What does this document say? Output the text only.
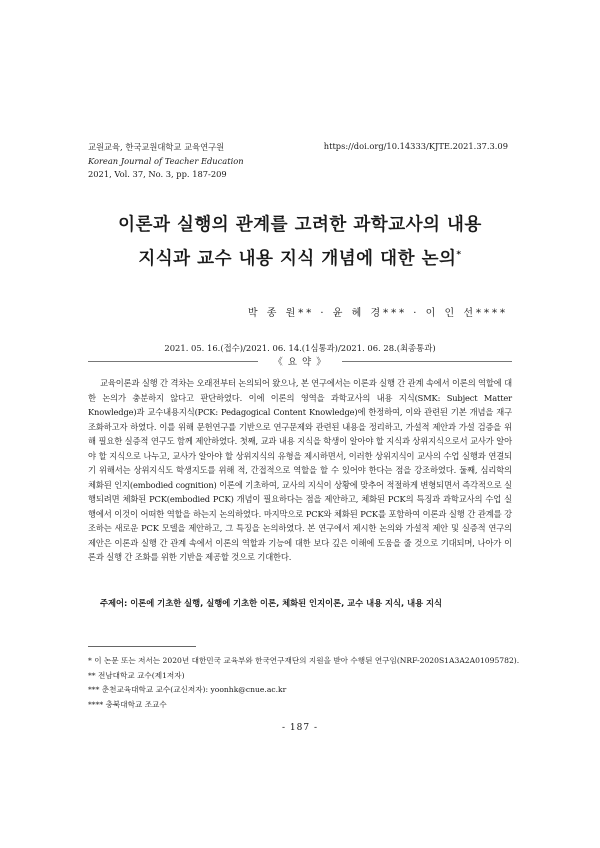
교원교육, 한국교원대학교 교육연구원
Korean Journal of Teacher Education
2021, Vol. 37, No. 3, pp. 187-209
https://doi.org/10.14333/KJTE.2021.37.3.09
이론과 실행의 관계를 고려한 과학교사의 내용
지식과 교수 내용 지식 개념에 대한 논의*
박 종 원** · 윤 혜 경*** · 이 인 선****
2021. 05. 16.(접수)/2021. 06. 14.(1심통과)/2021. 06. 28.(최종통과)
《 요 약 》
교육이론과 실행 간 격차는 오래전부터 논의되어 왔으나, 본 연구에서는 이론과 실행 간 관계 속에서 이론의 역할에 대한 논의가 충분하지 않다고 판단하였다. 이에 이론의 영역을 과학교사의 내용 지식(SMK: Subject Matter Knowledge)과 교수내용지식(PCK: Pedagogical Content Knowledge)에 한정하여, 이와 관련된 기본 개념을 재구조화하고자 하였다. 이를 위해 문헌연구를 기반으로 연구문제와 관련된 내용을 정리하고, 가설적 제안과 가설 검증을 위해 필요한 실증적 연구도 함께 제안하였다. 첫째, 교과 내용 지식을 학생이 알아야 할 지식과 상위지식으로서 교사가 알아야 할 지식으로 나누고, 교사가 알아야 할 상위지식의 유형을 제시하면서, 이러한 상위지식이 교사의 수업 실행과 연결되기 위해서는 상위지식도 학생지도를 위해 적, 간접적으로 역할을 할 수 있어야 한다는 점을 강조하였다. 둘째, 심리학의 체화된 인지(embodied cognition) 이론에 기초하여, 교사의 지식이 상황에 맞추어 적절하게 변형되면서 즉각적으로 실행되려면 체화된 PCK(embodied PCK) 개념이 필요하다는 점을 제안하고, 체화된 PCK의 특징과 과학교사의 수업 실행에서 이것이 어떠한 역할을 하는지 논의하였다. 마지막으로 PCK와 체화된 PCK를 포함하여 이론과 실행 간 관계를 강조하는 새로운 PCK 모델을 제안하고, 그 특징을 논의하였다. 본 연구에서 제시한 논의와 가설적 제안 및 실증적 연구의 제안은 이론과 실행 간 관계 속에서 이론의 역할과 기능에 대한 보다 깊은 이해에 도움을 줄 것으로 기대되며, 나아가 이론과 실행 간 조화를 위한 기반을 제공할 것으로 기대한다.
주제어: 이론에 기초한 실행, 실행에 기초한 이론, 체화된 인지이론, 교수 내용 지식, 내용 지식
* 이 논문 또는 저서는 2020년 대한민국 교육부와 한국연구재단의 지원을 받아 수행된 연구임(NRF-2020S1A3A2A01095782).
** 전남대학교 교수(제1저자)
*** 춘천교육대학교 교수(교신저자): yoonhk@cnue.ac.kr
**** 충북대학교 조교수
- 187 -
